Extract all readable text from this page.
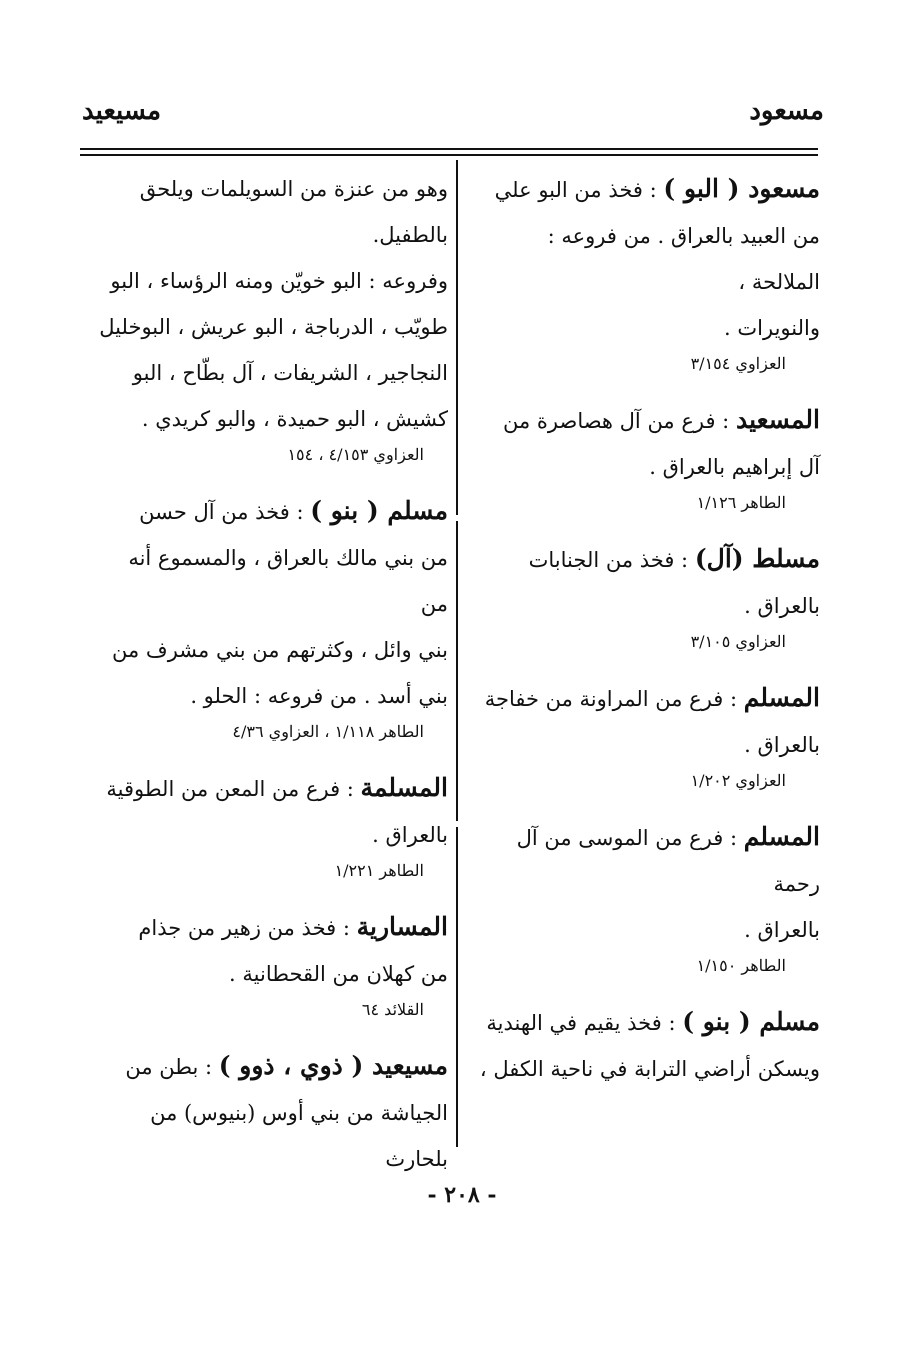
مسعود
مسيعيد

مسعود ( البو ) : فخذ من البو علي

من العبيد بالعراق . من فروعه : الملالحة ،

والنويرات .

العزاوي ٣/١٥٤

المسعيد : فرع من آل هصاصرة من

آل إبراهيم بالعراق .

الطاهر ١/١٢٦

مسلط (آل) : فخذ من الجنابات

بالعراق .

العزاوي ٣/١٠٥

المسلم : فرع من المراونة من خفاجة

بالعراق .

العزاوي ١/٢٠٢

المسلم : فرع من الموسى من آل رحمة

بالعراق .

الطاهر ١/١٥٠

مسلم ( بنو ) : فخذ يقيم في الهندية

ويسكن أراضي الترابة في ناحية الكفل ،

وهو من عنزة من السويلمات ويلحق بالطفيل.

وفروعه : البو خويّن ومنه الرؤساء ، البو

طويّب ، الدرباجة ، البو عريش ، البوخليل

النجاجير ، الشريفات ، آل بطّاح ، البو

كشيش ، البو حميدة ، والبو كريدي .

العزاوي ٤/١٥٣ ، ١٥٤

مسلم ( بنو ) : فخذ من آل حسن

من بني مالك بالعراق ، والمسموع أنه من

بني وائل ، وكثرتهم من بني مشرف من

بني أسد . من فروعه : الحلو .

الطاهر ١/١١٨ ، العزاوي ٤/٣٦

المسلمة : فرع من المعن من الطوقية

بالعراق .

الطاهر ١/٢٢١

المسارية : فخذ من زهير من جذام

من كهلان من القحطانية .

القلائد ٦٤

مسيعيد ( ذوي ، ذوو ) : بطن من

الجياشة من بني أوس (بنيوس) من بلحارث

- ٢٠٨ -
